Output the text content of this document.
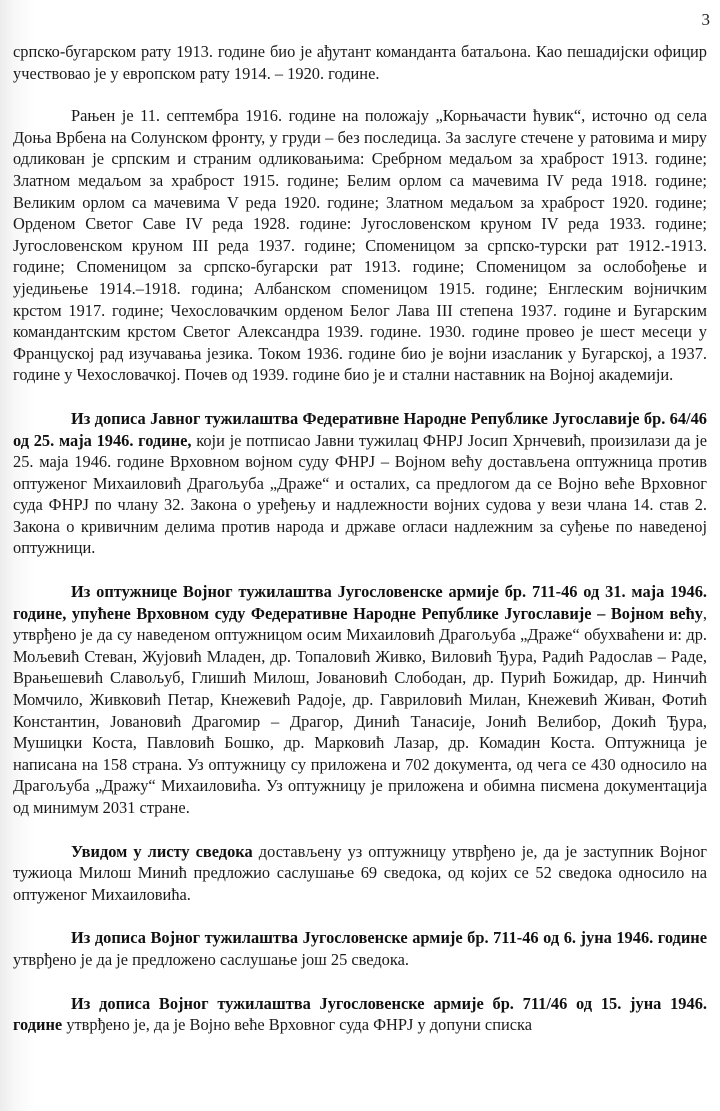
3

српско-бугарском рату 1913. године био је ађутант команданта батаљона. Као пешадијски официр учествовао је у европском рату 1914. – 1920. године.

Рањен је 11. септембра 1916. године на положају „Корњачасти ћувик“, источно од села Доња Врбена на Солунском фронту, у груди – без последица. За заслуге стечене у ратовима и миру одликован је српским и страним одликовањима: Сребрном медаљом за храброст 1913. године; Златном медаљом за храброст 1915. године; Белим орлом са мачевима IV реда 1918. године; Великим орлом са мачевима V реда 1920. године; Златном медаљом за храброст 1920. године; Орденом Светог Саве IV реда 1928. године: Југословенском круном IV реда 1933. године; Југословенском круном III реда 1937. године; Споменицом за српско-турски рат 1912.-1913. године; Споменицом за српско-бугарски рат 1913. године; Споменицом за ослобођење и уједињење 1914.–1918. година; Албанском споменицом 1915. године; Енглеским војничким крстом 1917. године; Чехословачким орденом Белог Лава III степена 1937. године и Бугарским командантским крстом Светог Александра 1939. године. 1930. године провео је шест месеци у Француској рад изучавања језика. Током 1936. године био је војни изасланик у Бугарској, а 1937. године у Чехословачкој. Почев од 1939. године био је и стални наставник на Војној академији.

Из дописа Јавног тужилаштва Федеративне Народне Републике Југославије бр. 64/46 од 25. маја 1946. године, који је потписао Јавни тужилац ФНРЈ Јосип Хрнчевић, произилази да је 25. маја 1946. године Врховном војном суду ФНРЈ – Војном већу достављена оптужница против оптуженог Михаиловић Драгољуба „Драже“ и осталих, са предлогом да се Војно веће Врховног суда ФНРЈ по члану 32. Закона о уређењу и надлежности војних судова у вези члана 14. став 2. Закона о кривичним делима против народа и државе огласи надлежним за суђење по наведеној оптужници.

Из оптужнице Војног тужилаштва Југословенске армије бр. 711-46 од 31. маја 1946. године, упућене Врховном суду Федеративне Народне Републике Југославије – Војном већу, утврђено је да су наведеном оптужницом осим Михаиловић Драгољуба „Драже“ обухваћени и: др. Мољевић Стеван, Жујовић Младен, др. Топаловић Живко, Виловић Ђура, Радић Радослав – Раде, Врањешевић Славољуб, Глишић Милош, Јовановић Слободан, др. Пурић Божидар, др. Нинчић Момчило, Живковић Петар, Кнежевић Радоје, др. Гавриловић Милан, Кнежевић Живан, Фотић Константин, Јовановић Драгомир – Драгор, Динић Танасије, Јонић Велибор, Докић Ђура, Мушицки Коста, Павловић Бошко, др. Марковић Лазар, др. Комадин Коста. Оптужница је написана на 158 страна. Уз оптужницу су приложена и 702 документа, од чега се 430 односило на Драгољуба „Дражу“ Михаиловића. Уз оптужницу је приложена и обимна писмена документација од минимум 2031 стране.

Увидом у листу сведока достављену уз оптужницу утврђено је, да је заступник Војног тужиоца Милош Минић предложио саслушање 69 сведока, од којих се 52 сведока односило на оптуженог Михаиловића.

Из дописа Војног тужилаштва Југословенске армије бр. 711-46 од 6. јуна 1946. године утврђено је да је предложено саслушање још 25 сведока.

Из дописа Војног тужилаштва Југословенске армије бр. 711/46 од 15. јуна 1946. године утврђено је, да је Војно веће Врховног суда ФНРЈ у допуни списка
